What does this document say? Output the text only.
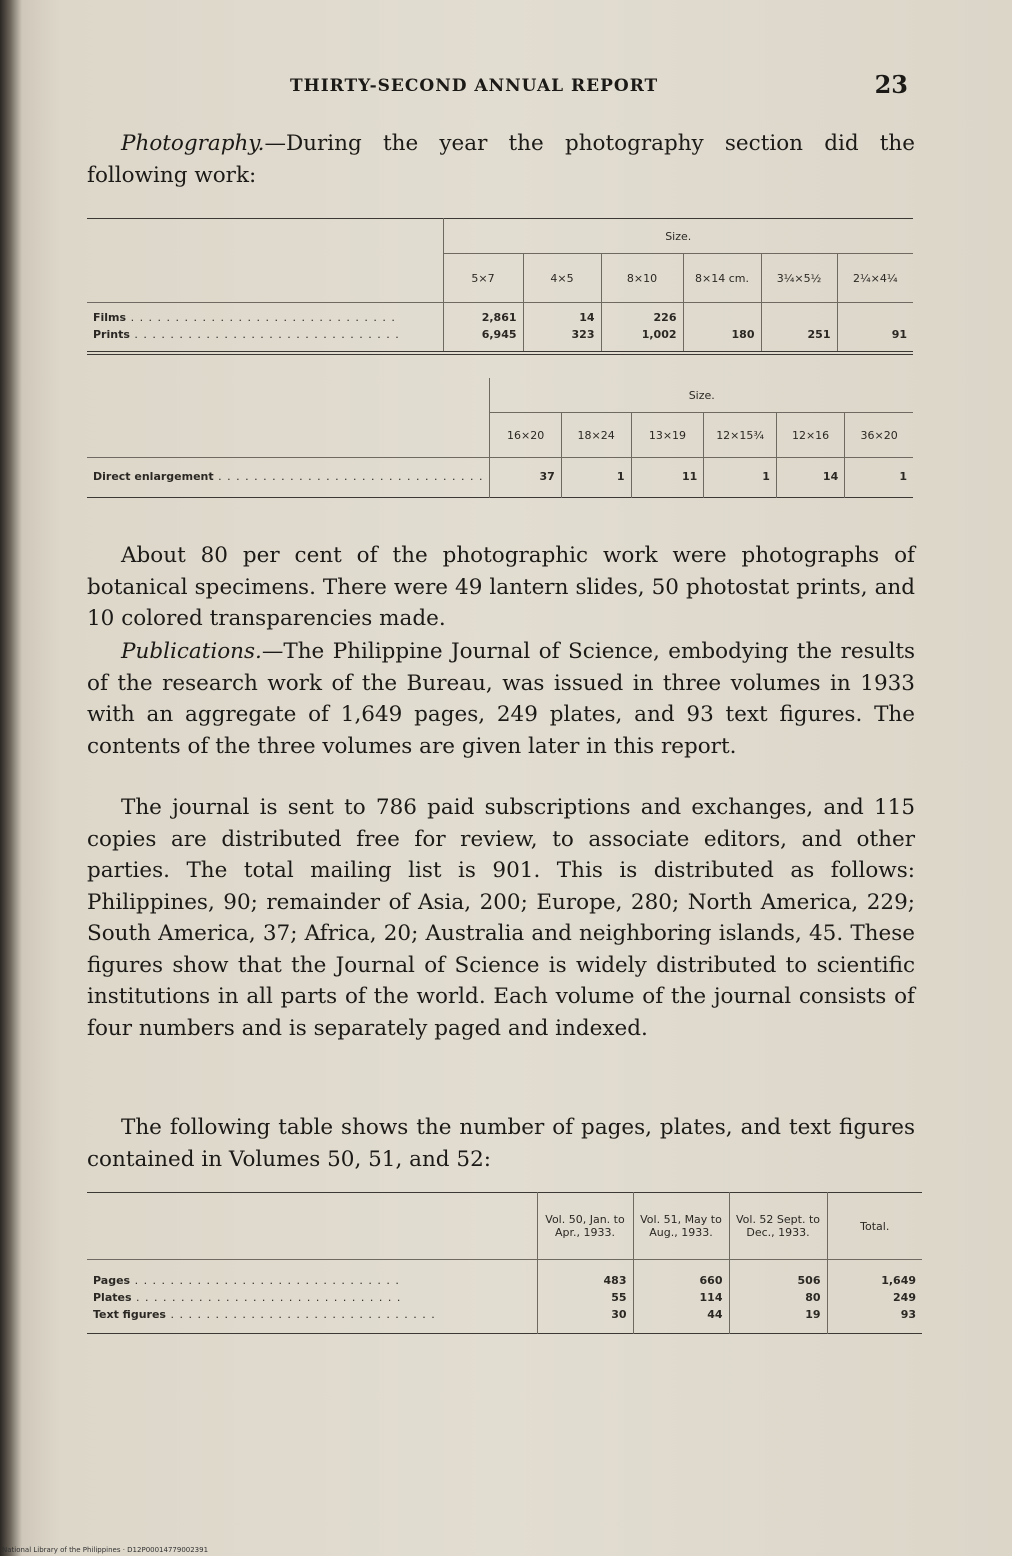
THIRTY-SECOND ANNUAL REPORT	23

Photography.—During the year the photography section did the following work:

	Size.					
	5×7	4×5	8×10	8×14 cm.	3¼×5½	2¼×4¼
Films . . .	2,861	14	226			
Prints . . .	6,945	323	1,002	180	251	91
	Size.					
	16×20	18×24	13×19	12×15¾	12×16	36×20
Direct enlargement . . .	37	1	11	1	14	1

About 80 per cent of the photographic work were photographs of botanical specimens. There were 49 lantern slides, 50 photostat prints, and 10 colored transparencies made.

Publications.—The Philippine Journal of Science, embodying the results of the research work of the Bureau, was issued in three volumes in 1933 with an aggregate of 1,649 pages, 249 plates, and 93 text figures. The contents of the three volumes are given later in this report.

The journal is sent to 786 paid subscriptions and exchanges, and 115 copies are distributed free for review, to associate editors, and other parties. The total mailing list is 901. This is distributed as follows: Philippines, 90; remainder of Asia, 200; Europe, 280; North America, 229; South America, 37; Africa, 20; Australia and neighboring islands, 45. These figures show that the Journal of Science is widely distributed to scientific institutions in all parts of the world. Each volume of the journal consists of four numbers and is separately paged and indexed.

The following table shows the number of pages, plates, and text figures contained in Volumes 50, 51, and 52:

	Vol. 50, Jan. to Apr., 1933.	Vol. 51, May to Aug., 1933.	Vol. 52 Sept. to Dec., 1933.	Total.
Pages . . .	483	660	506	1,649
Plates . . .	55	114	80	249
Text figures . . .	30	44	19	93
National Library of the Philippines · D12P00014779002391
